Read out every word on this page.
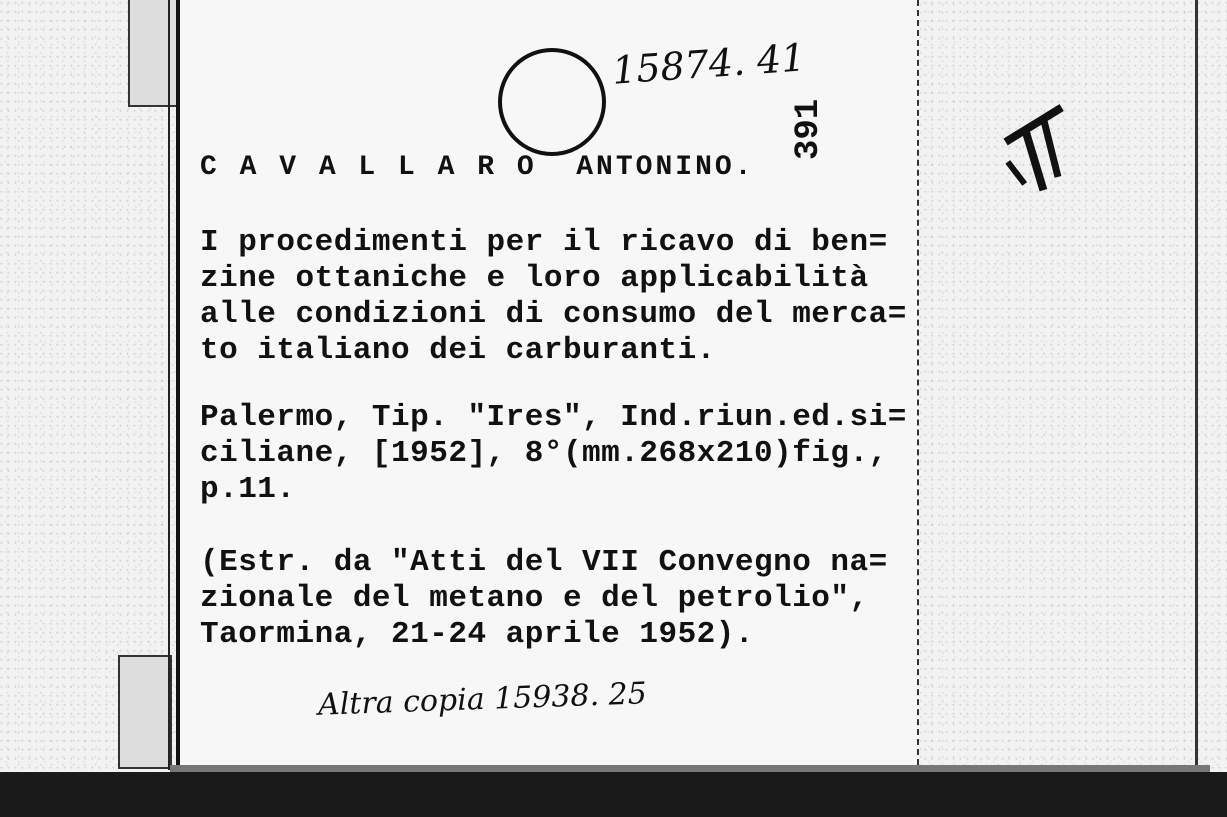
15874. 41
391
C A V A L L A R O  ANTONINO.
I procedimenti per il ricavo di ben=
zine ottaniche e loro applicabilità
alle condizioni di consumo del merca=
to italiano dei carburanti.
Palermo, Tip. "Ires", Ind.riun.ed.si=
ciliane, [1952], 8°(mm.268x210)fig.,
p.11.
(Estr. da "Atti del VII Convegno na=
zionale del metano e del petrolio",
Taormina, 21-24 aprile 1952).
Altra copia 15938. 25
